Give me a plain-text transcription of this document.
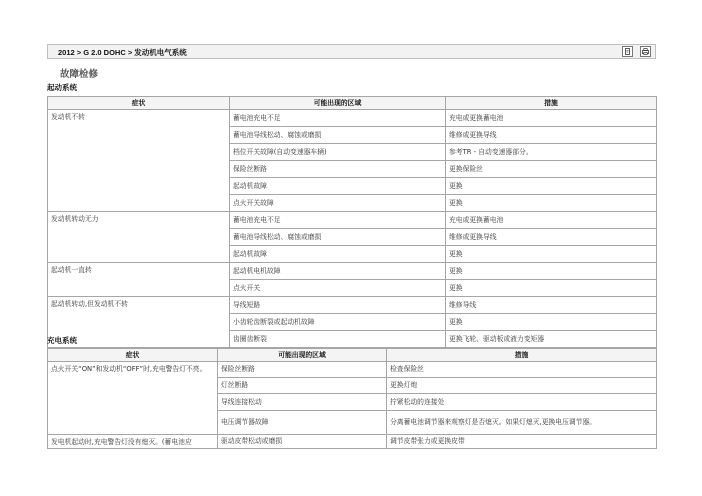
2012 > G 2.0 DOHC > 发动机电气系统
故障检修
起动系统
症状	可能出现的区域	措施
发动机不转	蓄电池充电不足	充电或更换蓄电池
	蓄电池导线松动、腐蚀或磨损	维修或更换导线
	档位开关故障(自动变速器车辆)	参考TR - 自动变速器部分。
	保险丝断路	更换保险丝
	起动机故障	更换
	点火开关故障	更换
发动机转动无力	蓄电池充电不足	充电或更换蓄电池
	蓄电池导线松动、腐蚀或磨损	维修或更换导线
	起动机故障	更换
起动机一直转	起动机电机故障	更换
	点火开关	更换
起动机转动,但发动机不转	导线短路	维修导线
	小齿轮齿断裂或起动机故障	更换
	齿圈齿断裂	更换飞轮、驱动板或液力变矩器
充电系统
症状	可能出现的区域	措施
点火开关“ON”和发动机“OFF”时,充电警告灯不亮。	保险丝断路	检查保险丝
	灯丝断路	更换灯炮
	导线连接松动	拧紧松动的连接处
	电压调节器故障	分离蓄电池调节器来观察灯是否熄灭。如果灯熄灭,更换电压调节器。
发电机起动时,充电警告灯没有熄灭。(蓄电池应	驱动皮带松动或磨损	调节皮带张力或更换皮带
